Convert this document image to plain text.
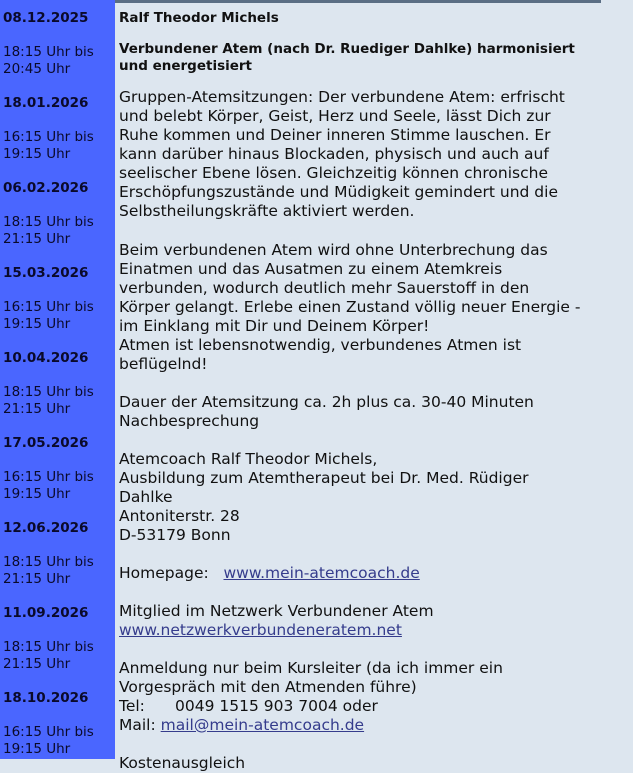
08.12.2025
18:15 Uhr bis
20:45 Uhr
18.01.2026
16:15 Uhr bis
19:15 Uhr
06.02.2026
18:15 Uhr bis
21:15 Uhr
15.03.2026
16:15 Uhr bis
19:15 Uhr
10.04.2026
18:15 Uhr bis
21:15 Uhr
17.05.2026
16:15 Uhr bis
19:15 Uhr
12.06.2026
18:15 Uhr bis
21:15 Uhr
11.09.2026
18:15 Uhr bis
21:15 Uhr
18.10.2026
16:15 Uhr bis
19:15 Uhr
Ralf Theodor Michels
Verbundener Atem (nach Dr. Ruediger Dahlke) harmonisiert
und energetisiert
Gruppen-Atemsitzungen: Der verbundene Atem: erfrischt
und belebt Körper, Geist, Herz und Seele, lässt Dich zur
Ruhe kommen und Deiner inneren Stimme lauschen. Er
kann darüber hinaus Blockaden, physisch und auch auf
seelischer Ebene lösen. Gleichzeitig können chronische
Erschöpfungszustände und Müdigkeit gemindert und die
Selbstheilungskräfte aktiviert werden.
Beim verbundenen Atem wird ohne Unterbrechung das
Einatmen und das Ausatmen zu einem Atemkreis
verbunden, wodurch deutlich mehr Sauerstoff in den
Körper gelangt. Erlebe einen Zustand völlig neuer Energie -
im Einklang mit Dir und Deinem Körper!
Atmen ist lebensnotwendig, verbundenes Atmen ist
beflügelnd!
Dauer der Atemsitzung ca. 2h plus ca. 30-40 Minuten
Nachbesprechung
Atemcoach Ralf Theodor Michels,
Ausbildung zum Atemtherapeut bei Dr. Med. Rüdiger
Dahlke
Antoniterstr. 28
D-53179 Bonn
Homepage: www.mein-atemcoach.de
Mitglied im Netzwerk Verbundener Atem
www.netzwerkverbundeneratem.net
Anmeldung nur beim Kursleiter (da ich immer ein
Vorgespräch mit den Atmenden führe)
Tel: 0049 1515 903 7004 oder
Mail: mail@mein-atemcoach.de
Kostenausgleich
